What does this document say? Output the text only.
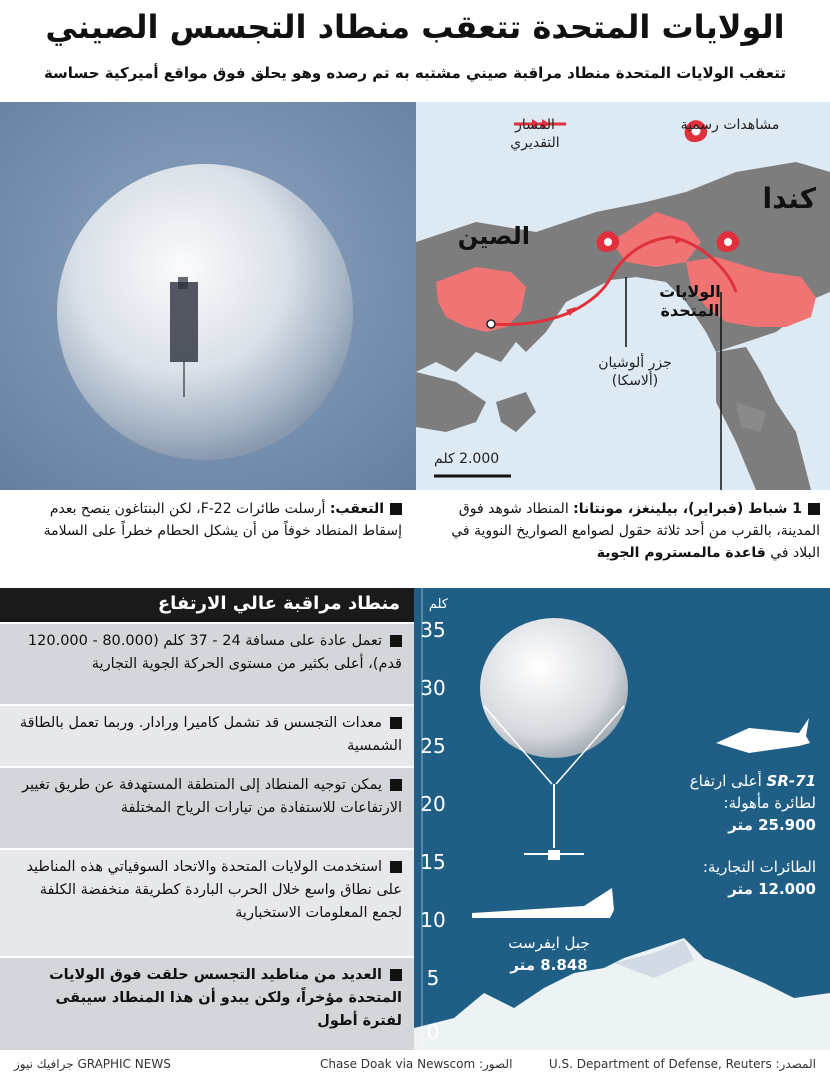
الولايات المتحدة تتعقب منطاد التجسس الصيني
تتعقب الولايات المتحدة منطاد مراقبة صيني مشتبه به تم رصده وهو يحلق فوق مواقع أميركية حساسة
مشاهدات رسمية
المسار التقديري
كندا
الصين
الولايات المتحدة
جزر ألوشيان (ألاسكا)
2.000 كلم
التعقب: أرسلت طائرات F-22، لكن البنتاغون ينصح بعدم إسقاط المنطاد خوفاً من أن يشكل الحطام خطراً على السلامة
1 شباط (فبراير)، بيلينغز، مونتانا: المنطاد شوهد فوق المدينة، بالقرب من أحد ثلاثة حقول لصوامع الصواريخ النووية في البلاد في قاعدة مالمستروم الجوية
منطاد مراقبة عالي الارتفاع
تعمل عادة على مسافة 24 - 37 كلم (80.000 - 120.000 قدم)، أعلى بكثير من مستوى الحركة الجوية التجارية
معدات التجسس قد تشمل كاميرا ورادار. وربما تعمل بالطاقة الشمسية
يمكن توجيه المنطاد إلى المنطقة المستهدفة عن طريق تغيير الارتفاعات للاستفادة من تيارات الرياح المختلفة
استخدمت الولايات المتحدة والاتحاد السوفياتي هذه المناطيد على نطاق واسع خلال الحرب الباردة كطريقة منخفضة الكلفة لجمع المعلومات الاستخبارية
العديد من مناطيد التجسس حلقت فوق الولايات المتحدة مؤخراً، ولكن يبدو أن هذا المنطاد سيبقى لفترة أطول
كلم
35
30
25
20
15
10
5
0
SR-71 أعلى ارتفاع لطائرة مأهولة:
25.900 متر
الطائرات التجارية:
12.000 متر
جبل ايفرست
8.848 متر
المصدر: U.S. Department of Defense, Reuters
الصور: Chase Doak via Newscom
GRAPHIC NEWS جرافيك نيوز
